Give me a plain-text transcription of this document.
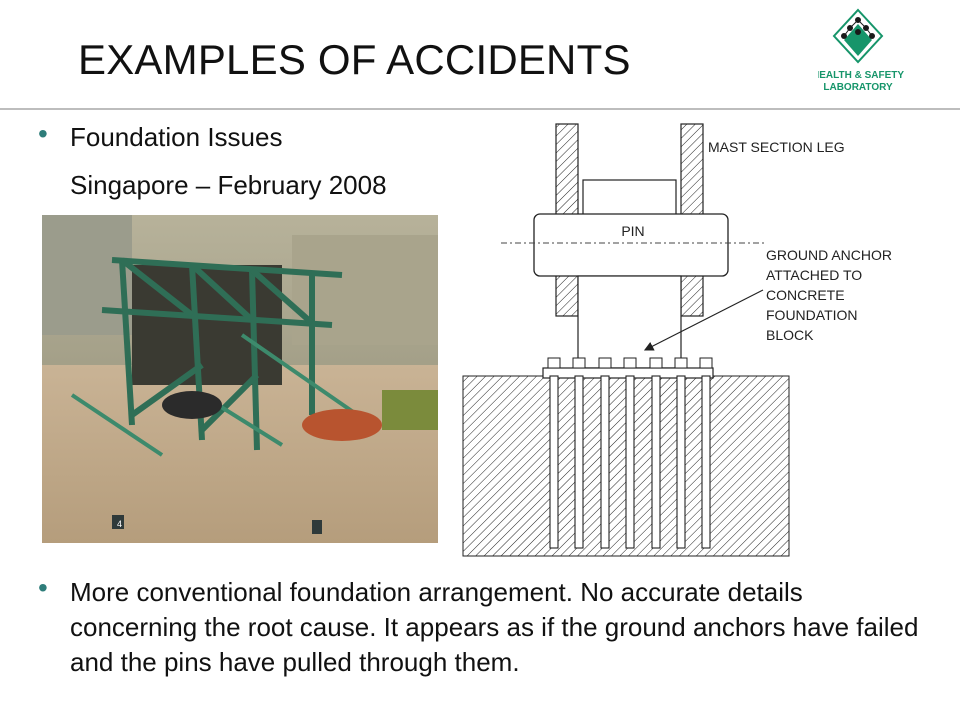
EXAMPLES OF ACCIDENTS	HEALTH & SAFETY
LABORATORY
• Foundation Issues
Singapore – February 2008
4
PIN
MAST SECTION LEG
GROUND ANCHOR
ATTACHED TO
CONCRETE
FOUNDATION
BLOCK
• More conventional foundation arrangement. No accurate details concerning the root cause. It appears as if the ground anchors have failed and the pins have pulled through them.
